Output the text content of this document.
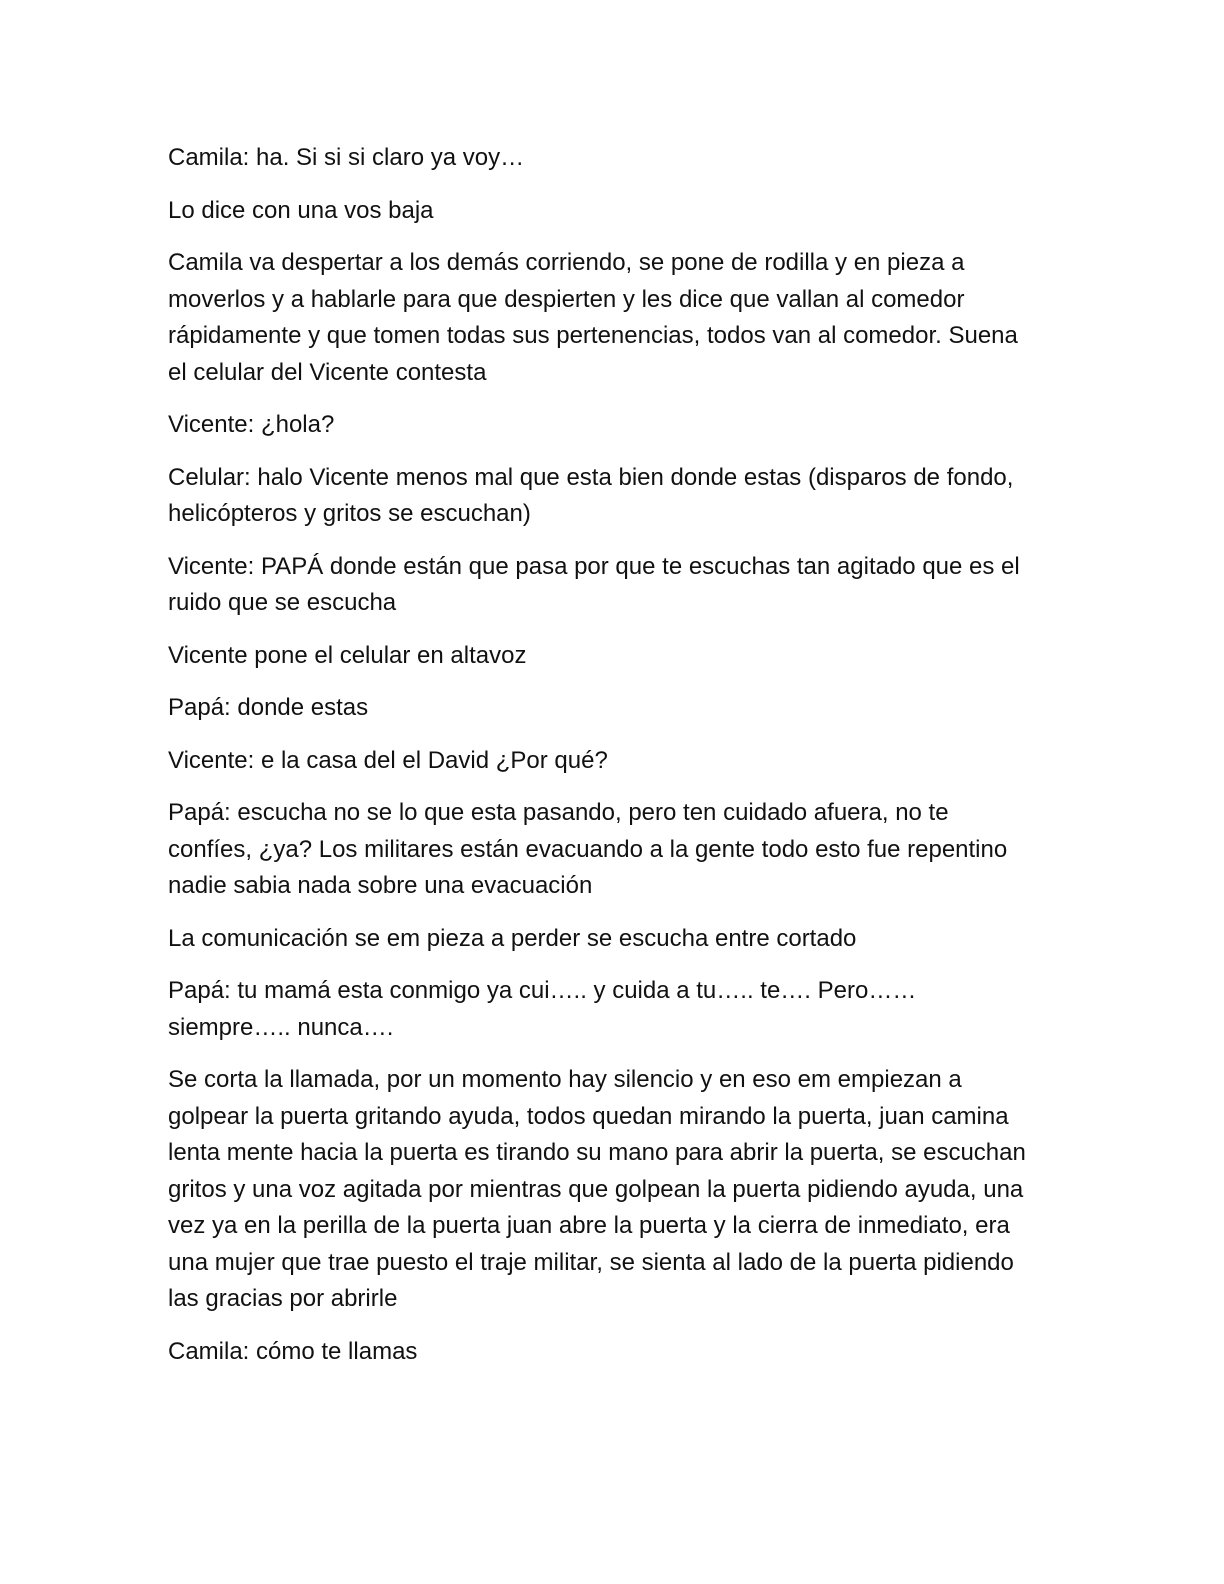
Camila: ha. Si si si claro ya voy…

Lo dice con una vos baja

Camila va despertar a los demás corriendo, se pone de rodilla y en pieza a moverlos y a hablarle para que despierten y les dice que vallan al comedor rápidamente y que tomen todas sus pertenencias, todos van al comedor. Suena el celular del Vicente contesta

Vicente: ¿hola?

Celular: halo Vicente menos mal que esta bien donde estas (disparos de fondo, helicópteros y gritos se escuchan)

Vicente: PAPÁ donde están que pasa por que te escuchas tan agitado que es el ruido que se escucha

Vicente pone el celular en altavoz

Papá: donde estas

Vicente: e la casa del el David ¿Por qué?

Papá: escucha no se lo que esta pasando, pero ten cuidado afuera, no te confíes, ¿ya? Los militares están evacuando a la gente todo esto fue repentino nadie sabia nada sobre una evacuación

La comunicación se em pieza a perder se escucha entre cortado

Papá: tu mamá esta conmigo ya cui….. y cuida a tu….. te…. Pero…… siempre….. nunca….

Se corta la llamada, por un momento hay silencio y en eso em empiezan a golpear la puerta gritando ayuda, todos quedan mirando la puerta, juan camina lenta mente hacia la puerta es tirando su mano para abrir la puerta, se escuchan gritos y una voz agitada por mientras que golpean la puerta pidiendo ayuda, una vez ya en la perilla de la puerta juan abre la puerta y la cierra de inmediato, era una mujer que trae puesto el traje militar, se sienta al lado de la puerta pidiendo las gracias por abrirle

Camila: cómo te llamas
